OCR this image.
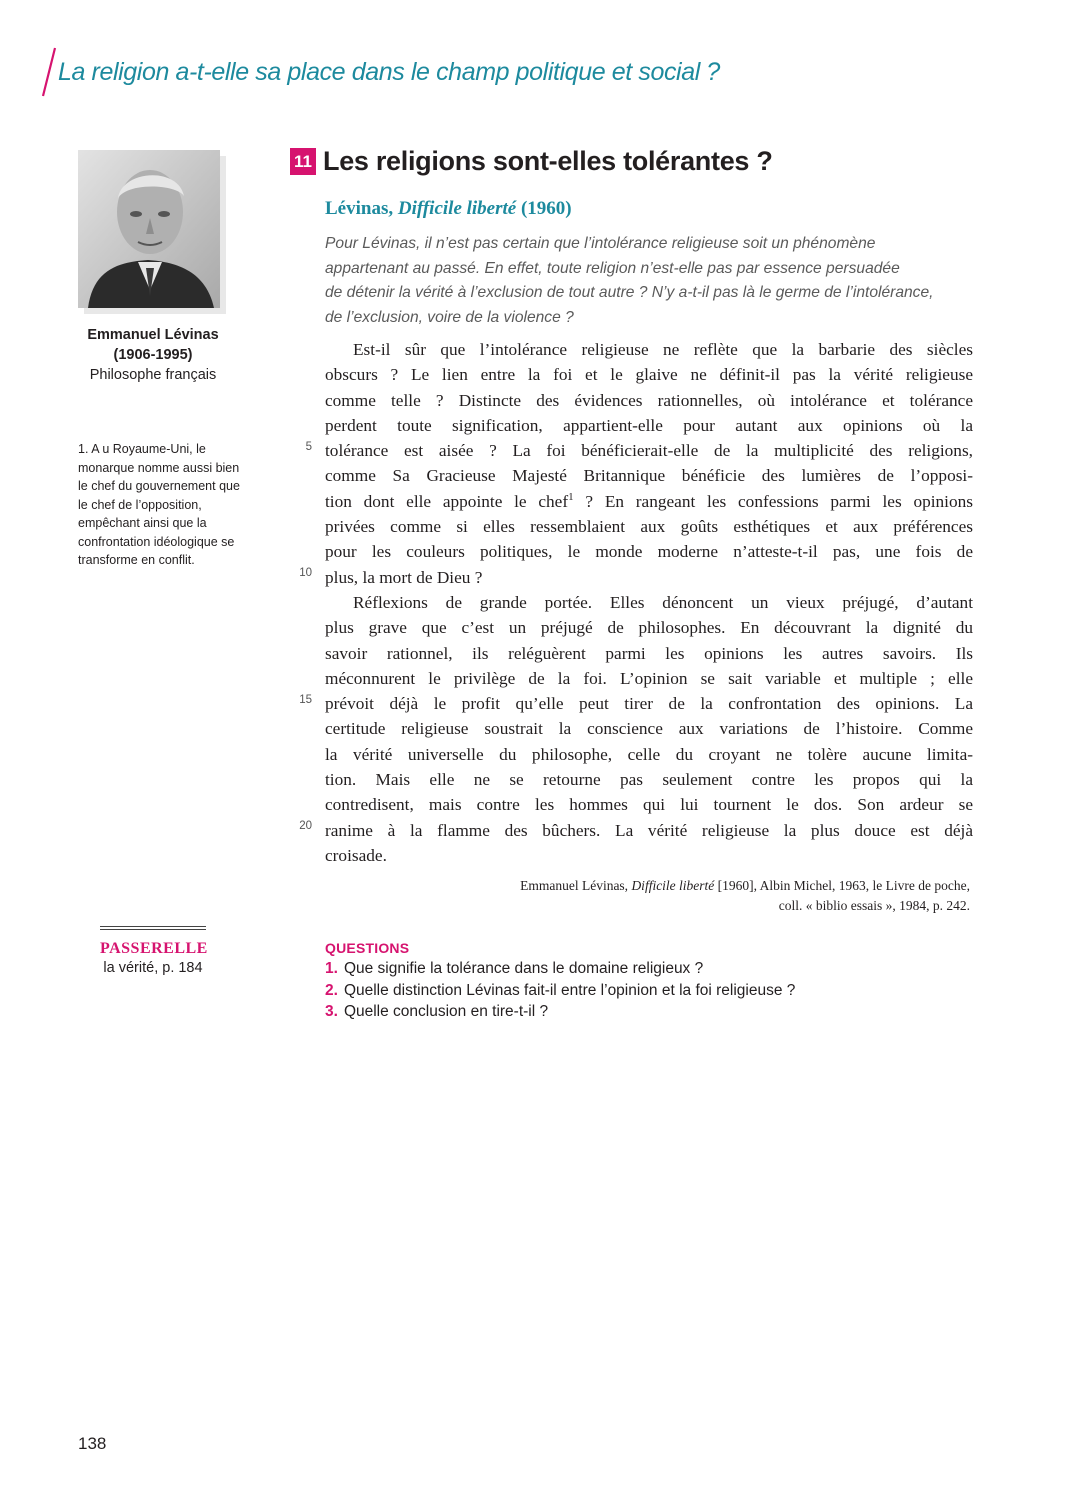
La religion a-t-elle sa place dans le champ politique et social ?
Emmanuel Lévinas
(1906-1995)
Philosophe français
1. A u Royaume-Uni, le monarque nomme aussi bien le chef du gouvernement que le chef de l’opposition, empêchant ainsi que la confrontation idéologique se transforme en conflit.
PASSERELLE
la vérité, p. 184
11 Les religions sont-elles tolérantes ?

Lévinas, Difficile liberté (1960)

Pour Lévinas, il n’est pas certain que l’intolérance religieuse soit un phénomène
appartenant au passé. En effet, toute religion n’est-elle pas par essence persuadée
de détenir la vérité à l’exclusion de tout autre ? N’y a-t-il pas là le germe de l’intolérance,
de l’exclusion, voire de la violence ?

5
10
15
20
Est-il sûr que l’intolérance religieuse ne reflète que la barbarie des siècles
obscurs ? Le lien entre la foi et le glaive ne définit-il pas la vérité religieuse
comme telle ? Distincte des évidences rationnelles, où intolérance et tolérance
perdent toute signification, appartient-elle pour autant aux opinions où la
tolérance est aisée ? La foi bénéficierait-elle de la multiplicité des religions,
comme Sa Gracieuse Majesté Britannique bénéficie des lumières de l’opposi-
tion dont elle appointe le chef$^1$ ? En rangeant les confessions parmi les opinions
privées comme si elles ressemblaient aux goûts esthétiques et aux préférences
pour les couleurs politiques, le monde moderne n’atteste-t-il pas, une fois de
plus, la mort de Dieu ?
Réflexions de grande portée. Elles dénoncent un vieux préjugé, d’autant
plus grave que c’est un préjugé de philosophes. En découvrant la dignité du
savoir rationnel, ils reléguèrent parmi les opinions les autres savoirs. Ils
méconnurent le privilège de la foi. L’opinion se sait variable et multiple ; elle
prévoit déjà le profit qu’elle peut tirer de la confrontation des opinions. La
certitude religieuse soustrait la conscience aux variations de l’histoire. Comme
la vérité universelle du philosophe, celle du croyant ne tolère aucune limita-
tion. Mais elle ne se retourne pas seulement contre les propos qui la
contredisent, mais contre les hommes qui lui tournent le dos. Son ardeur se
ranime à la flamme des bûchers. La vérité religieuse la plus douce est déjà
croisade.
Emmanuel Lévinas, Difficile liberté [1960], Albin Michel, 1963, le Livre de poche,
coll. « biblio essais », 1984, p. 242.
QUESTIONS
1. Que signifie la tolérance dans le domaine religieux ?
2. Quelle distinction Lévinas fait-il entre l’opinion et la foi religieuse ?
3. Quelle conclusion en tire-t-il ?
138
